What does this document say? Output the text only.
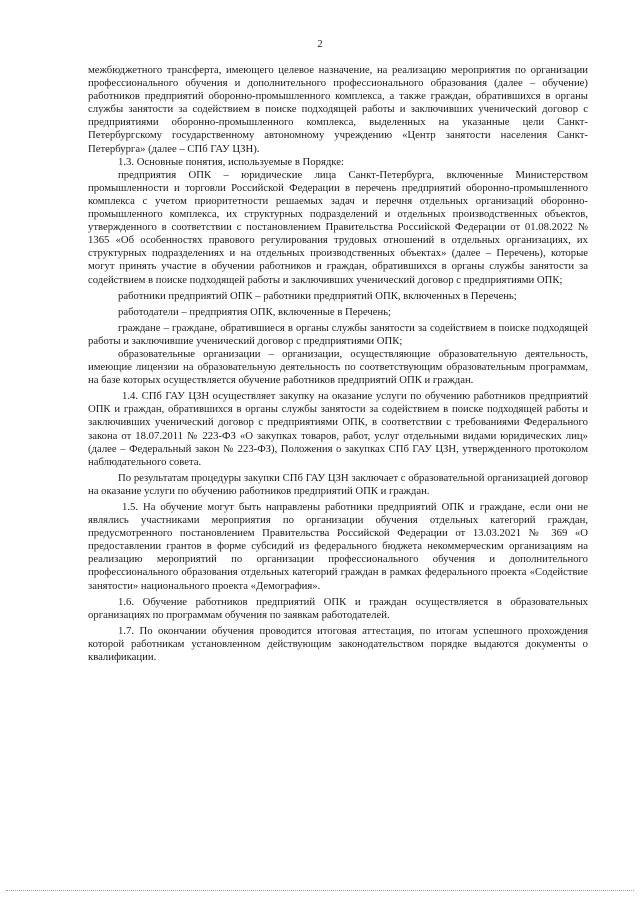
2

межбюджетного трансферта, имеющего целевое назначение, на реализацию мероприятия по организации профессионального обучения и дополнительного профессионального образования (далее – обучение) работников предприятий оборонно-промышленного комплекса, а также граждан, обратившихся в органы службы занятости за содействием в поиске подходящей работы и заключивших ученический договор с предприятиями оборонно-промышленного комплекса, выделенных на указанные цели Санкт-Петербургскому государственному автономному учреждению «Центр занятости населения Санкт-Петербурга» (далее – СПб ГАУ ЦЗН).

1.3. Основные понятия, используемые в Порядке:

предприятия ОПК – юридические лица Санкт-Петербурга, включенные Министерством промышленности и торговли Российской Федерации в перечень предприятий оборонно-промышленного комплекса с учетом приоритетности решаемых задач и перечня отдельных организаций оборонно-промышленного комплекса, их структурных подразделений и отдельных производственных объектов, утвержденного в соответствии с постановлением Правительства Российской Федерации от 01.08.2022 № 1365 «Об особенностях правового регулирования трудовых отношений в отдельных организациях, их структурных подразделениях и на отдельных производственных объектах» (далее – Перечень), которые могут принять участие в обучении работников и граждан, обратившихся в органы службы занятости за содействием в поиске подходящей работы и заключивших ученический договор с предприятиями ОПК;

работники предприятий ОПК – работники предприятий ОПК, включенных в Перечень;

работодатели – предприятия ОПК, включенные в Перечень;

граждане – граждане, обратившиеся в органы службы занятости за содействием в поиске подходящей работы и заключившие ученический договор с предприятиями ОПК;

образовательные организации – организации, осуществляющие образовательную деятельность, имеющие лицензии на образовательную деятельность по соответствующим образовательным программам, на базе которых осуществляется обучение работников предприятий ОПК и граждан.

1.4. СПб ГАУ ЦЗН осуществляет закупку на оказание услуги по обучению работников предприятий ОПК и граждан, обратившихся в органы службы занятости за содействием в поиске подходящей работы и заключивших ученический договор с предприятиями ОПК, в соответствии с требованиями Федерального закона от 18.07.2011 № 223-ФЗ «О закупках товаров, работ, услуг отдельными видами юридических лиц» (далее – Федеральный закон № 223-ФЗ), Положения о закупках СПб ГАУ ЦЗН, утвержденного протоколом наблюдательного совета.

По результатам процедуры закупки СПб ГАУ ЦЗН заключает с образовательной организацией договор на оказание услуги по обучению работников предприятий ОПК и граждан.

1.5. На обучение могут быть направлены работники предприятий ОПК и граждане, если они не являлись участниками мероприятия по организации обучения отдельных категорий граждан, предусмотренного постановлением Правительства Российской Федерации от 13.03.2021 № 369 «О предоставлении грантов в форме субсидий из федерального бюджета некоммерческим организациям на реализацию мероприятий по организации профессионального обучения и дополнительного профессионального образования отдельных категорий граждан в рамках федерального проекта «Содействие занятости» национального проекта «Демография».

1.6. Обучение работников предприятий ОПК и граждан осуществляется в образовательных организациях по программам обучения по заявкам работодателей.

1.7. По окончании обучения проводится итоговая аттестация, по итогам успешного прохождения которой работникам установленном действующим законодательством порядке выдаются документы о квалификации.
